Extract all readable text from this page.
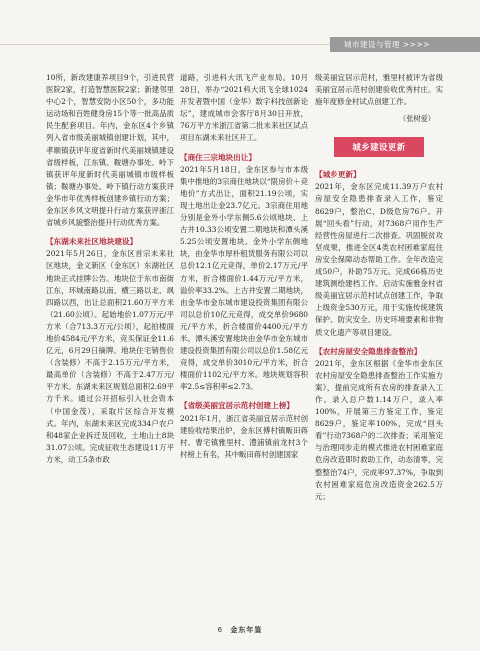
城市建设与管理 >>>>

10所，新改建康养项目9个，引进民营医院2家，打造智慧医院2家；新建邻里中心2个，智慧安防小区50个，多功能运动场和百姓健身房15个等一批高品质民生配套项目。年内，金东区4个乡镇列入省市级美丽城镇创建计划，其中，孝顺镇获评年度省新时代美丽城镇建设省级样板，江东镇、鞍塘办事处、岭下镇获评年度新时代美丽城镇市级样板镇；鞍塘办事处、岭下镇行动方案获评金华市年优秀样板创建乡镇行动方案；金东区乡风文明提升行动方案获评浙江省城乡风貌整治提升行动优秀方案。

【东湖未来社区地块建设】

2021年5月26日，金东区首宗未来社区地块，金义新区（金东区）东湖社区地块正式挂牌公告。地块位于东市南街江东，环城南路以南、横三路以北、飒四路以西，出让总面积21.60万平方米（21.60公顷）。起始地价1.07万元/平方米（合713.3万元/公顷），起拍楼面地价4584元/平方米，竞买保证金11.6亿元，6月29日摘牌。地块住宅销售价（含装修）不高于2.15万元/平方米，最高单价（含装修）不高于2.47万元/平方米。东湖未来区规划总面积2.69平方千米。通过公开招标引入社会资本（中国金茂），采取片区综合开发模式。年内，东湖未来区完成334户农户和48家企业拆迁及回收，土地山土8块31.07公顷。完成征收生态建设11万平方米，动工5条市政

道路，引进科大讯飞产业布局。10月28日，举办“2021科大讯飞全球1024开发者暨中国（金华）数字科技创新论坛”，建成城市会客厅8月30日开放，76万平方米浙江省第二批未来社区试点项目东湖未来社区开工。

【商住三宗地块出让】

2021年5月18日，金东区参与市本级集中推地的3宗商住地块以“限房价＋竞地价”方式出让，面积21.19公顷，实现土地出让金23.7亿元。3宗商住用地分别是金外小学东侧5.6公顷地块、上古井10.33公顷安置二期地块和潭头溪5.25公顷安置地块。金外小学东侧地块，由金华市厚朴租赁服务有限公司以总价12.1亿元竞得，单价2.17万元/平方米，折合楼面价1.44万元/平方米，溢价率33.2%。上古井安置二期地块，由金华市金东城市建设投资集团有限公司以总价10亿元竞得，成交单价9680元/平方米，折合楼面价4400元/平方米。潭头溪安置地块由金华市金东城市建设投资集团有限公司以总价1.58亿元竞得，成交单价3010元/平方米，折合楼面价1102元/平方米。地块规划容积率2.5≤容积率≤2.73。

【省级美丽宜居示范村创建上榜】

2021年1月，浙江省美丽宜居示范村创建验收结果出炉，金东区傅村镇畈田蒋村、曹宅镇雅里村、澧浦镇前龙村3个村榜上有名，其中畈田蒋村创建国家

级美丽宜居示范村，雅里村被评为省级美丽宜居示范村创建验收优秀村庄。实施年度修金村试点创建工作。

（张树爱）
城乡建设更新
【城乡更新】

2021年，金东区完成11.39万户农村房屋安全隐患排查录入工作，鉴定8629户，整治C、D级危房76户。开展“回头看”行动，对7368户用作生产经营性房屋进行二次排查。巩固脱贫攻坚成果，推进全区4类农村困难家庭住房安全保障动态帮助工作。全年改造完成50户，补助75万元。完成66栋历史建筑测绘建档工作。启动实施雅金村省级美丽宜居示范村试点创建工作，争取上级资金530万元，用于实施传统建筑保护、防灾安全、历史环境要素和非物质文化遗产等项目建设。

【农村房屋安全隐患排查整治】

2021年，金东区根据《金华市金东区农村房屋安全隐患排查整治工作实施方案》，提前完成所有农房的排查录入工作。录入总户数1.14万户，录入率100%，开展第三方鉴定工作，鉴定8629户，鉴定率100%，完成“回头看”行动7368户的二次排查；采用鉴定与治理同步走的模式推进农村困难家庭危房改造即时救助工作，动态清零，完整整治74户，完成率97.37%，争取到农村困难家庭危房改造资金262.5万元；

6 金东年鉴
